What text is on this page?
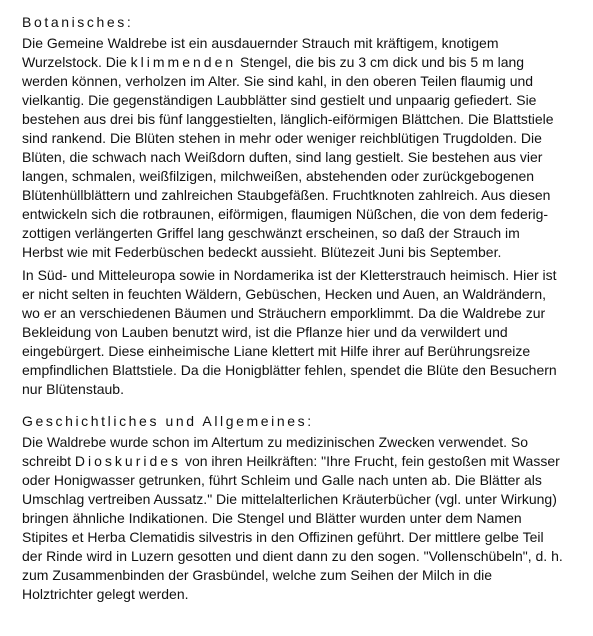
Botanisches:
Die Gemeine Waldrebe ist ein ausdauernder Strauch mit kräftigem, knotigem
Wurzelstock. Die klimmenden Stengel, die bis zu 3 cm dick und bis 5 m lang
werden können, verholzen im Alter. Sie sind kahl, in den oberen Teilen flaumig und
vielkantig. Die gegenständigen Laubblätter sind gestielt und unpaarig gefiedert. Sie
bestehen aus drei bis fünf langgestielten, länglich-eiförmigen Blättchen. Die Blattstiele
sind rankend. Die Blüten stehen in mehr oder weniger reichblütigen Trugdolden. Die
Blüten, die schwach nach Weißdorn duften, sind lang gestielt. Sie bestehen aus vier
langen, schmalen, weißfilzigen, milchweißen, abstehenden oder zurückgebogenen
Blütenhüllblättern und zahlreichen Staubgefäßen. Fruchtknoten zahlreich. Aus diesen
entwickeln sich die rotbraunen, eiförmigen, flaumigen Nüßchen, die von dem federig-
zottigen verlängerten Griffel lang geschwänzt erscheinen, so daß der Strauch im
Herbst wie mit Federbüschen bedeckt aussieht. Blütezeit Juni bis September.
In Süd- und Mitteleuropa sowie in Nordamerika ist der Kletterstrauch heimisch. Hier ist
er nicht selten in feuchten Wäldern, Gebüschen, Hecken und Auen, an Waldrändern,
wo er an verschiedenen Bäumen und Sträuchern emporklimmt. Da die Waldrebe zur
Bekleidung von Lauben benutzt wird, ist die Pflanze hier und da verwildert und
eingebürgert. Diese einheimische Liane klettert mit Hilfe ihrer auf Berührungsreize
empfindlichen Blattstiele. Da die Honigblätter fehlen, spendet die Blüte den Besuchern
nur Blütenstaub.
Geschichtliches und Allgemeines:
Die Waldrebe wurde schon im Altertum zu medizinischen Zwecken verwendet. So
schreibt Dioskurides von ihren Heilkräften: "Ihre Frucht, fein gestoßen mit Wasser
oder Honigwasser getrunken, führt Schleim und Galle nach unten ab. Die Blätter als
Umschlag vertreiben Aussatz." Die mittelalterlichen Kräuterbücher (vgl. unter Wirkung)
bringen ähnliche Indikationen. Die Stengel und Blätter wurden unter dem Namen
Stipites et Herba Clematidis silvestris in den Offizinen geführt. Der mittlere gelbe Teil
der Rinde wird in Luzern gesotten und dient dann zu den sogen. "Vollenschübeln", d. h.
zum Zusammenbinden der Grasbündel, welche zum Seihen der Milch in die
Holztrichter gelegt werden.
